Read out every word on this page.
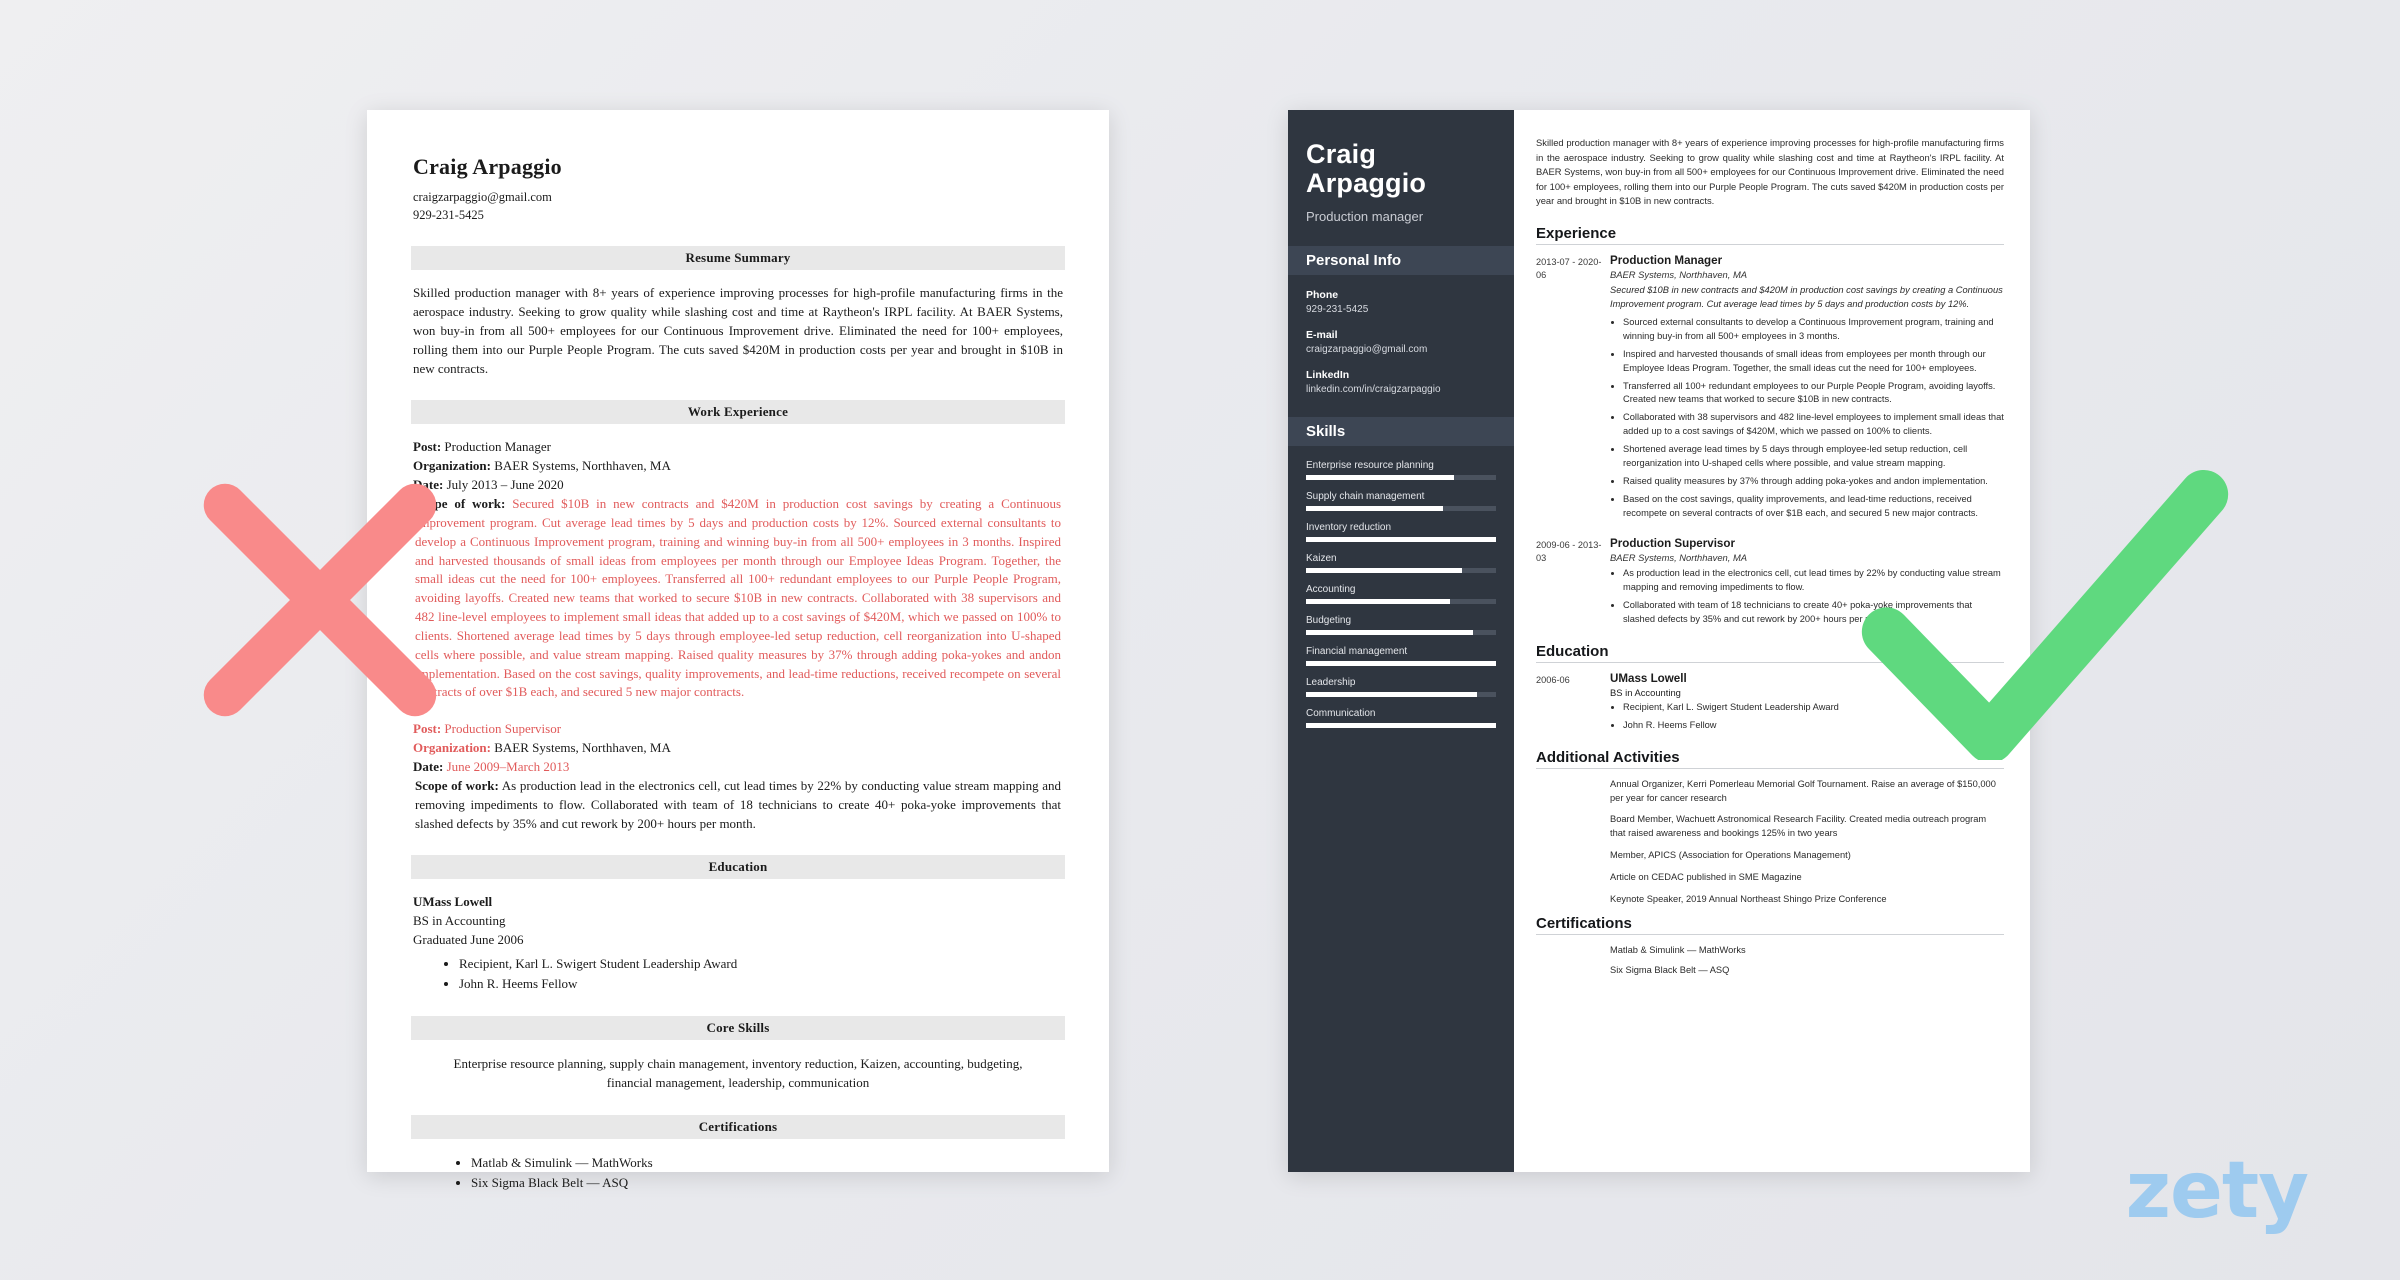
Craig Arpaggio
craigzarpaggio@gmail.com
929-231-5425
Resume Summary
Skilled production manager with 8+ years of experience improving processes for high-profile manufacturing firms in the aerospace industry. Seeking to grow quality while slashing cost and time at Raytheon's IRPL facility. At BAER Systems, won buy-in from all 500+ employees for our Continuous Improvement drive. Eliminated the need for 100+ employees, rolling them into our Purple People Program. The cuts saved $420M in production costs per year and brought in $10B in new contracts.
Work Experience
Post: Production Manager
Organization: BAER Systems, Northhaven, MA
Date: July 2013 – June 2020
Scope of work: Secured $10B in new contracts and $420M in production cost savings by creating a Continuous Improvement program. Cut average lead times by 5 days and production costs by 12%. Sourced external consultants to develop a Continuous Improvement program, training and winning buy-in from all 500+ employees in 3 months. Inspired and harvested thousands of small ideas from employees per month through our Employee Ideas Program. Together, the small ideas cut the need for 100+ employees. Transferred all 100+ redundant employees to our Purple People Program, avoiding layoffs. Created new teams that worked to secure $10B in new contracts. Collaborated with 38 supervisors and 482 line-level employees to implement small ideas that added up to a cost savings of $420M, which we passed on 100% to clients. Shortened average lead times by 5 days through employee-led setup reduction, cell reorganization into U-shaped cells where possible, and value stream mapping. Raised quality measures by 37% through adding poka-yokes and andon implementation. Based on the cost savings, quality improvements, and lead-time reductions, received recompete on several contracts of over $1B each, and secured 5 new major contracts.
Post: Production Supervisor
Organization: BAER Systems, Northhaven, MA
Date: June 2009–March 2013
Scope of work: As production lead in the electronics cell, cut lead times by 22% by conducting value stream mapping and removing impediments to flow. Collaborated with team of 18 technicians to create 40+ poka-yoke improvements that slashed defects by 35% and cut rework by 200+ hours per month.
Education
UMass Lowell
BS in Accounting
Graduated June 2006
• Recipient, Karl L. Swigert Student Leadership Award
• John R. Heems Fellow
Core Skills
Enterprise resource planning, supply chain management, inventory reduction, Kaizen, accounting, budgeting, financial management, leadership, communication
Certifications
• Matlab & Simulink — MathWorks
• Six Sigma Black Belt — ASQ
Craig Arpaggio
Production manager
Personal Info
Phone
929-231-5425
E-mail
craigzarpaggio@gmail.com
LinkedIn
linkedin.com/in/craigzarpaggio
Skills
Enterprise resource planning
Supply chain management
Inventory reduction
Kaizen
Accounting
Budgeting
Financial management
Leadership
Communication
Skilled production manager with 8+ years of experience improving processes for high-profile manufacturing firms in the aerospace industry. Seeking to grow quality while slashing cost and time at Raytheon's IRPL facility. At BAER Systems, won buy-in from all 500+ employees for our Continuous Improvement drive. Eliminated the need for 100+ employees, rolling them into our Purple People Program. The cuts saved $420M in production costs per year and brought in $10B in new contracts.
Experience
2013-07 - 2020-06
Production Manager
BAER Systems, Northhaven, MA
Secured $10B in new contracts and $420M in production cost savings by creating a Continuous Improvement program. Cut average lead times by 5 days and production costs by 12%.
• Sourced external consultants to develop a Continuous Improvement program, training and winning buy-in from all 500+ employees in 3 months.
• Inspired and harvested thousands of small ideas from employees per month through our Employee Ideas Program. Together, the small ideas cut the need for 100+ employees.
• Transferred all 100+ redundant employees to our Purple People Program, avoiding layoffs. Created new teams that worked to secure $10B in new contracts.
• Collaborated with 38 supervisors and 482 line-level employees to implement small ideas that added up to a cost savings of $420M, which we passed on 100% to clients.
• Shortened average lead times by 5 days through employee-led setup reduction, cell reorganization into U-shaped cells where possible, and value stream mapping.
• Raised quality measures by 37% through adding poka-yokes and andon implementation.
• Based on the cost savings, quality improvements, and lead-time reductions, received recompete on several contracts of over $1B each, and secured 5 new major contracts.
2009-06 - 2013-03
Production Supervisor
BAER Systems, Northhaven, MA
• As production lead in the electronics cell, cut lead times by 22% by conducting value stream mapping and removing impediments to flow.
• Collaborated with team of 18 technicians to create 40+ poka-yoke improvements that slashed defects by 35% and cut rework by 200+ hours per month.
Education
2006-06	UMass Lowell
BS in Accounting
• Recipient, Karl L. Swigert Student Leadership Award
• John R. Heems Fellow
Additional Activities
Annual Organizer, Kerri Pomerleau Memorial Golf Tournament. Raise an average of $150,000 per year for cancer research
Board Member, Wachuett Astronomical Research Facility. Created media outreach program that raised awareness and bookings 125% in two years
Member, APICS (Association for Operations Management)
Article on CEDAC published in SME Magazine
Keynote Speaker, 2019 Annual Northeast Shingo Prize Conference
Certifications
Matlab & Simulink — MathWorks
Six Sigma Black Belt — ASQ
zety
